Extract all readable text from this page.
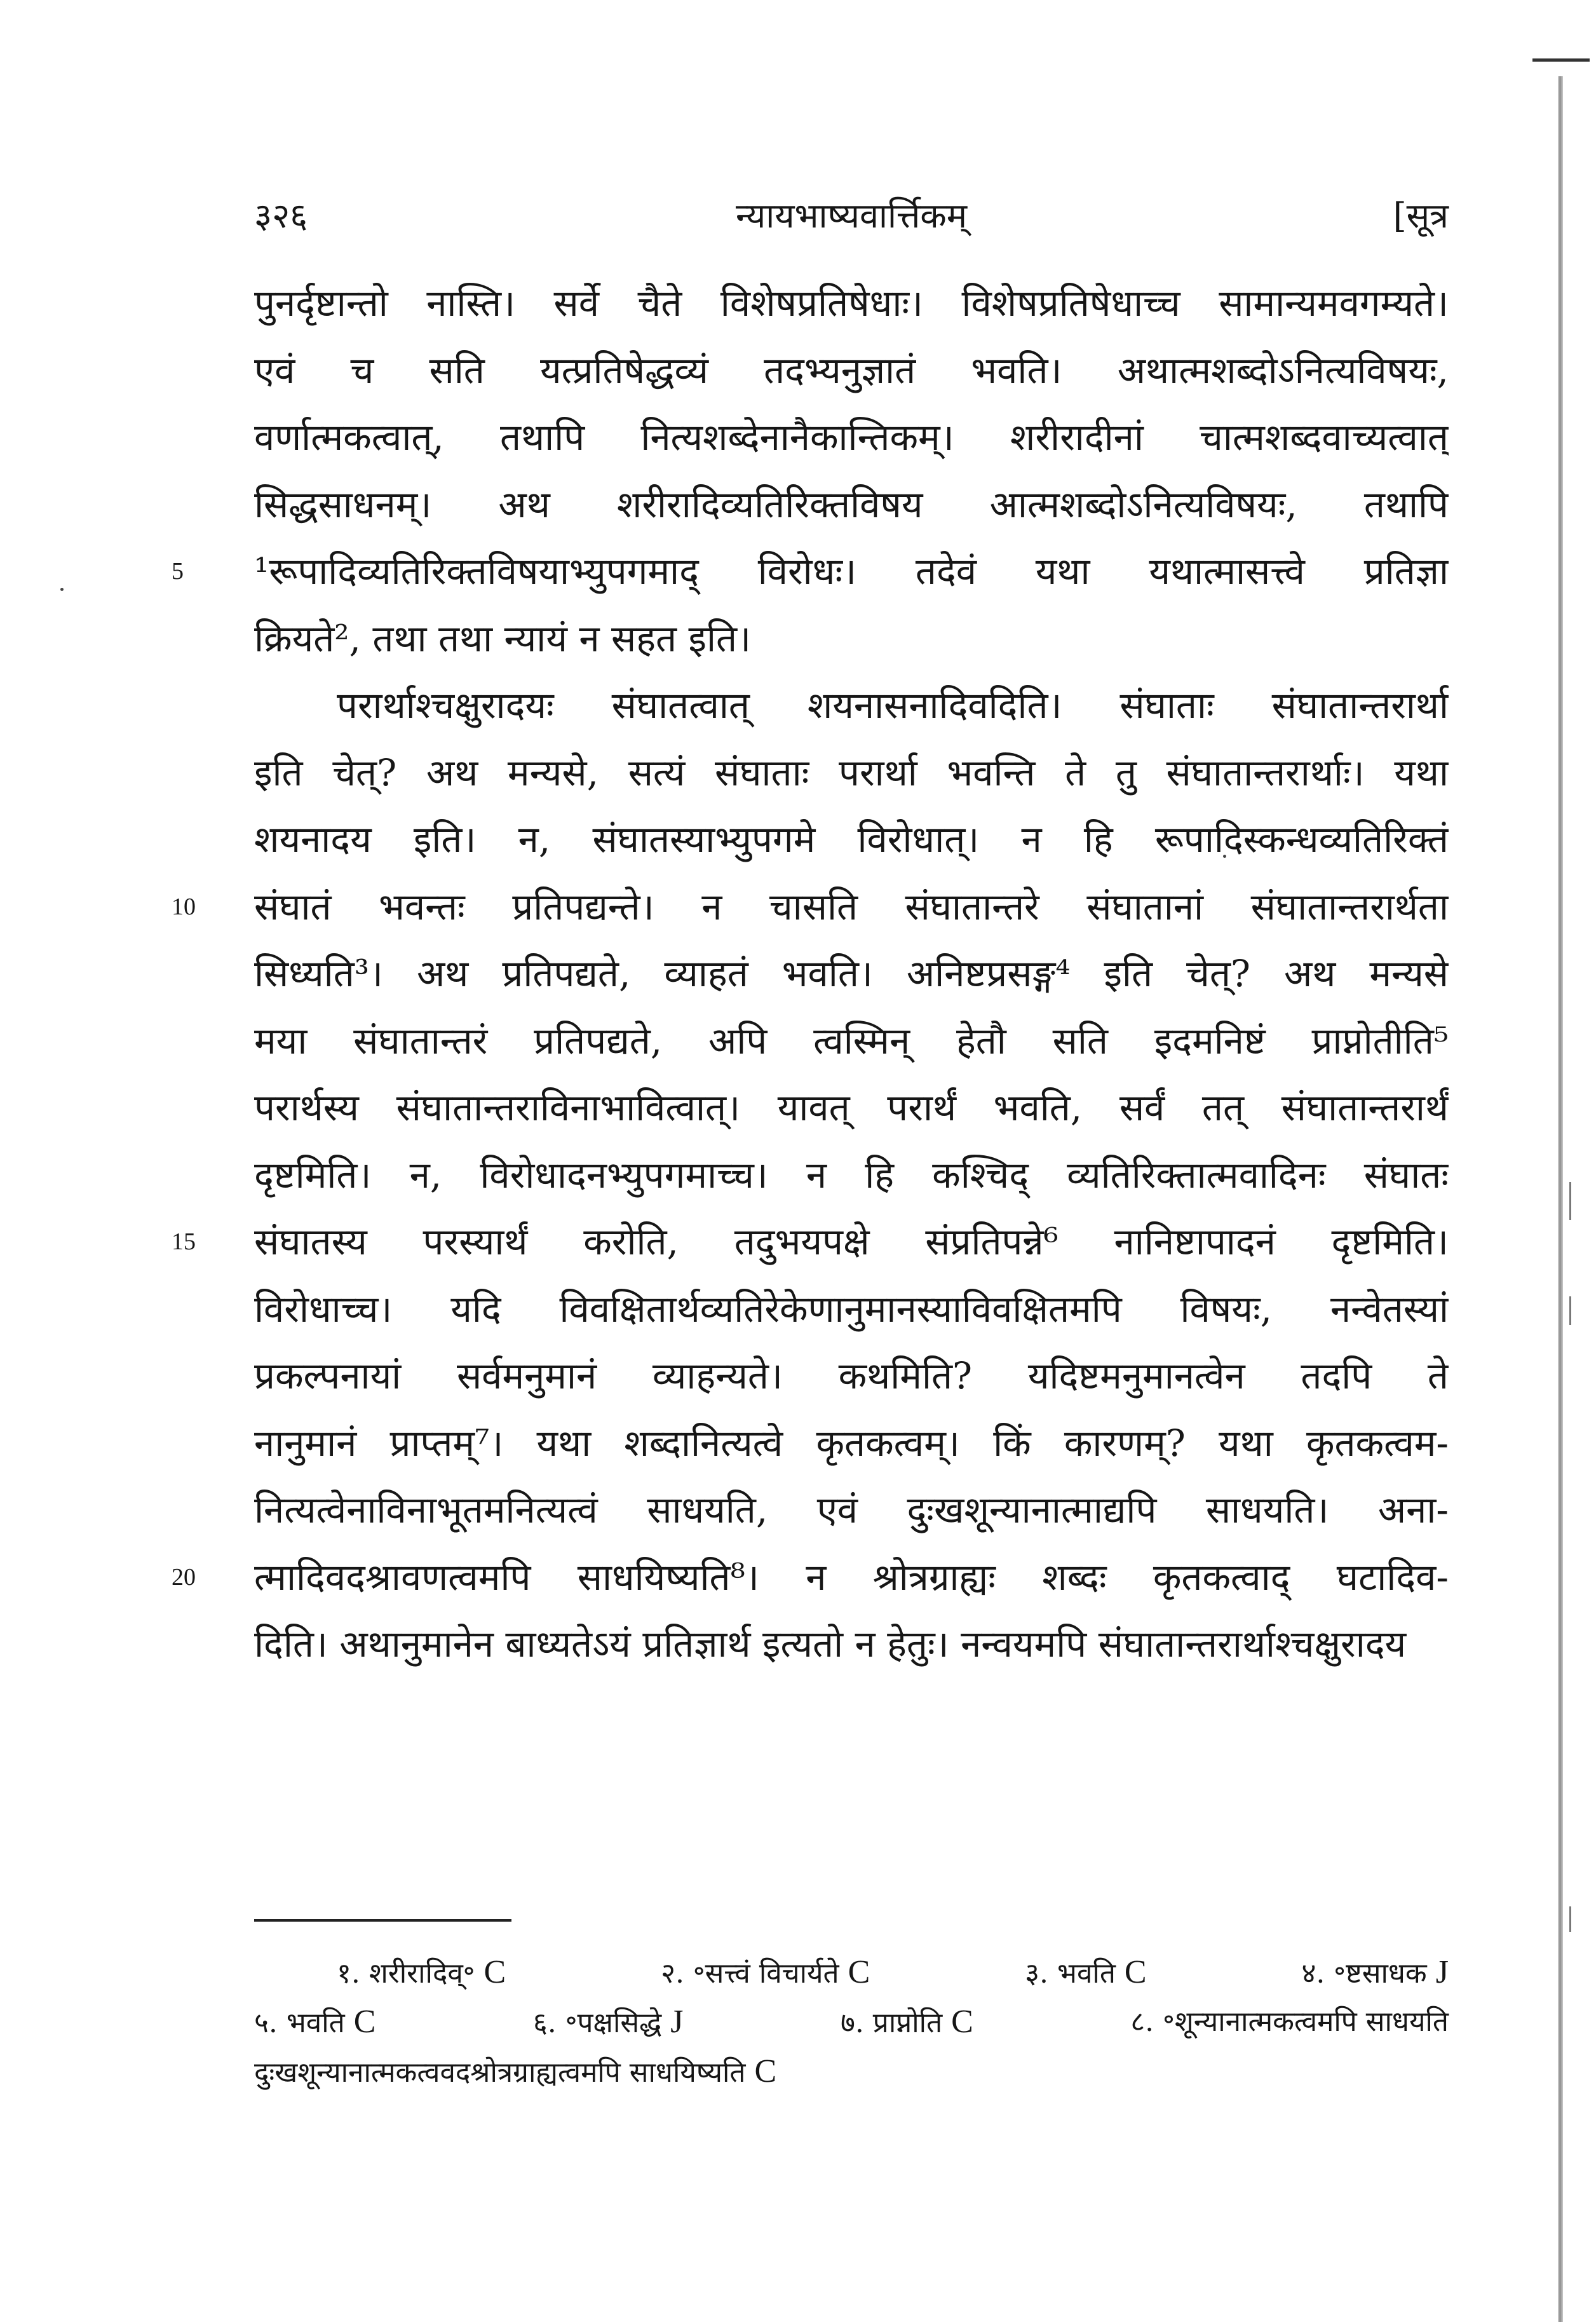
३२६	न्यायभाष्यवार्त्तिकम्	[सूत्र
5
10
15
20
पुनर्दृष्टान्तो नास्ति। सर्वे चैते विशेषप्रतिषेधाः। विशेषप्रतिषेधाच्च सामान्यमवगम्यते।
एवं च सति यत्प्रतिषेद्धव्यं तदभ्यनुज्ञातं भवति। अथात्मशब्दोऽनित्यविषयः,
वर्णात्मकत्वात्, तथापि नित्यशब्देनानैकान्तिकम्। शरीरादीनां चात्मशब्दवाच्यत्वात्
सिद्धसाधनम्। अथ शरीरादिव्यतिरिक्तविषय आत्मशब्दोऽनित्यविषयः, तथापि
¹रूपादिव्यतिरिक्तविषयाभ्युपगमाद् विरोधः। तदेवं यथा यथात्मासत्त्वे प्रतिज्ञा
क्रियते², तथा तथा न्यायं न सहत इति।
परार्थाश्चक्षुरादयः संघातत्वात् शयनासनादिवदिति। संघाताः संघातान्तरार्था
इति चेत्? अथ मन्यसे, सत्यं संघाताः परार्था भवन्ति ते तु संघातान्तरार्थाः। यथा
शयनादय इति। न, संघातस्याभ्युपगमे विरोधात्। न हि रूपादिस्कन्धव्यतिरिक्तं
संघातं भवन्तः प्रतिपद्यन्ते। न चासति संघातान्तरे संघातानां संघातान्तरार्थता
सिध्यति³। अथ प्रतिपद्यते, व्याहतं भवति। अनिष्टप्रसङ्ग⁴ इति चेत्? अथ मन्यसे
मया संघातान्तरं प्रतिपद्यते, अपि त्वस्मिन् हेतौ सति इदमनिष्टं प्राप्नोतीति⁵
परार्थस्य संघातान्तराविनाभावित्वात्। यावत् परार्थं भवति, सर्वं तत् संघातान्तरार्थं
दृष्टमिति। न, विरोधादनभ्युपगमाच्च। न हि कश्चिद् व्यतिरिक्तात्मवादिनः संघातः
संघातस्य परस्यार्थं करोति, तदुभयपक्षे संप्रतिपन्ने⁶ नानिष्टापादनं दृष्टमिति।
विरोधाच्च। यदि विवक्षितार्थव्यतिरेकेणानुमानस्याविवक्षितमपि विषयः, नन्वेतस्यां
प्रकल्पनायां सर्वमनुमानं व्याहन्यते। कथमिति? यदिष्टमनुमानत्वेन तदपि ते
नानुमानं प्राप्तम्⁷। यथा शब्दानित्यत्वे कृतकत्वम्। किं कारणम्? यथा कृतकत्वम-
नित्यत्वेनाविनाभूतमनित्यत्वं साधयति, एवं दुःखशून्यानात्माद्यपि साधयति। अना-
त्मादिवदश्रावणत्वमपि साधयिष्यति⁸। न श्रोत्रग्राह्यः शब्दः कृतकत्वाद् घटादिव-
दिति। अथानुमानेन बाध्यतेऽयं प्रतिज्ञार्थ इत्यतो न हेतुः। नन्वयमपि संघातान्तरार्थाश्चक्षुरादय
१. शरीरादिव्॰ C	२. ॰सत्त्वं विचार्यते C	३. भवति C	४. ॰ष्टसाधक J
५. भवति C	६. ॰पक्षसिद्धे J	७. प्राप्नोति C	८. ॰शून्यानात्मकत्वमपि साधयति
दुःखशून्यानात्मकत्ववदश्रोत्रग्राह्यत्वमपि साधयिष्यति C
